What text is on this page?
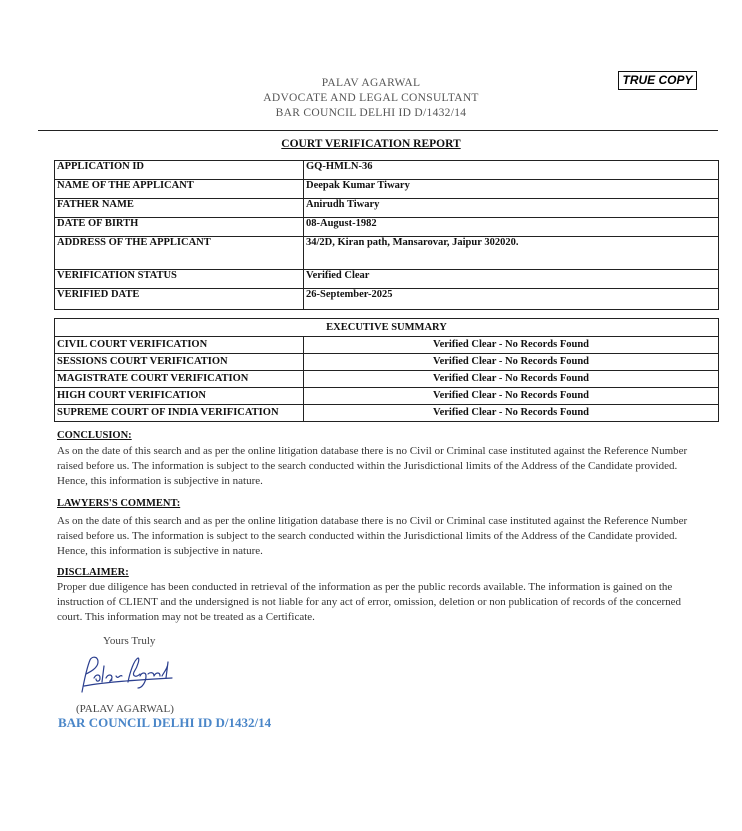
TRUE COPY
PALAV AGARWAL
ADVOCATE AND LEGAL CONSULTANT
BAR COUNCIL DELHI ID D/1432/14
COURT VERIFICATION REPORT
APPLICATION ID	GQ-HMLN-36
NAME OF THE APPLICANT	Deepak Kumar Tiwary
FATHER NAME	Anirudh Tiwary
DATE OF BIRTH	08-August-1982
ADDRESS OF THE APPLICANT	34/2D, Kiran path, Mansarovar, Jaipur 302020.
VERIFICATION STATUS	Verified Clear
VERIFIED DATE	26-September-2025
EXECUTIVE SUMMARY	
CIVIL COURT VERIFICATION	Verified Clear - No Records Found
SESSIONS COURT VERIFICATION	Verified Clear - No Records Found
MAGISTRATE COURT VERIFICATION	Verified Clear - No Records Found
HIGH COURT VERIFICATION	Verified Clear - No Records Found
SUPREME COURT OF INDIA VERIFICATION	Verified Clear - No Records Found
CONCLUSION:
As on the date of this search and as per the online litigation database there is no Civil or Criminal case instituted against the Reference Number raised before us. The information is subject to the search conducted within the Jurisdictional limits of the Address of the Candidate provided. Hence, this information is subjective in nature.
LAWYERS'S COMMENT:
As on the date of this search and as per the online litigation database there is no Civil or Criminal case instituted against the Reference Number raised before us. The information is subject to the search conducted within the Jurisdictional limits of the Address of the Candidate provided. Hence, this information is subjective in nature.
DISCLAIMER:
Proper due diligence has been conducted in retrieval of the information as per the public records available. The information is gained on the instruction of CLIENT and the undersigned is not liable for any act of error, omission, deletion or non publication of records of the concerned court. This information may not be treated as a Certificate.
Yours Truly
(PALAV AGARWAL)
BAR COUNCIL DELHI ID D/1432/14
